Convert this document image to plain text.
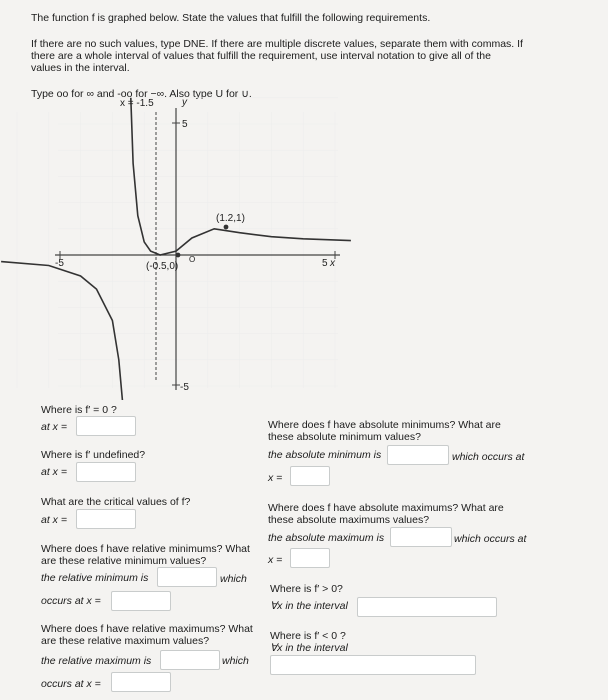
The function f is graphed below. State the values that fulfill the following requirements.
If there are no such values, type DNE. If there are multiple discrete values, separate them with commas. If
there are a whole interval of values that fulfill the requirement, use interval notation to give all of the
values in the interval.
Type oo for ∞ and -oo for −∞. Also type U for ∪.
x = -1.5	y
x
5
-5
5
-5
(1.2,1)
(-0.5,0)
O
Where is f′ = 0 ?
at x =
Where is f′ undefined?
at x =
What are the critical values of f?
at x =
Where does f have relative minimums? What
are these relative minimum values?
the relative minimum is	which
occurs at x =
Where does f have relative maximums? What
are these relative maximum values?
the relative maximum is	which
occurs at x =
Where does f have absolute minimums? What are
these absolute minimum values?
the absolute minimum is	which occurs at
x =
Where does f have absolute maximums? What are
these absolute maximums values?
the absolute maximum is	which occurs at
x =
Where is f′ > 0?
∀x in the interval
Where is f′ < 0 ?
∀x in the interval
